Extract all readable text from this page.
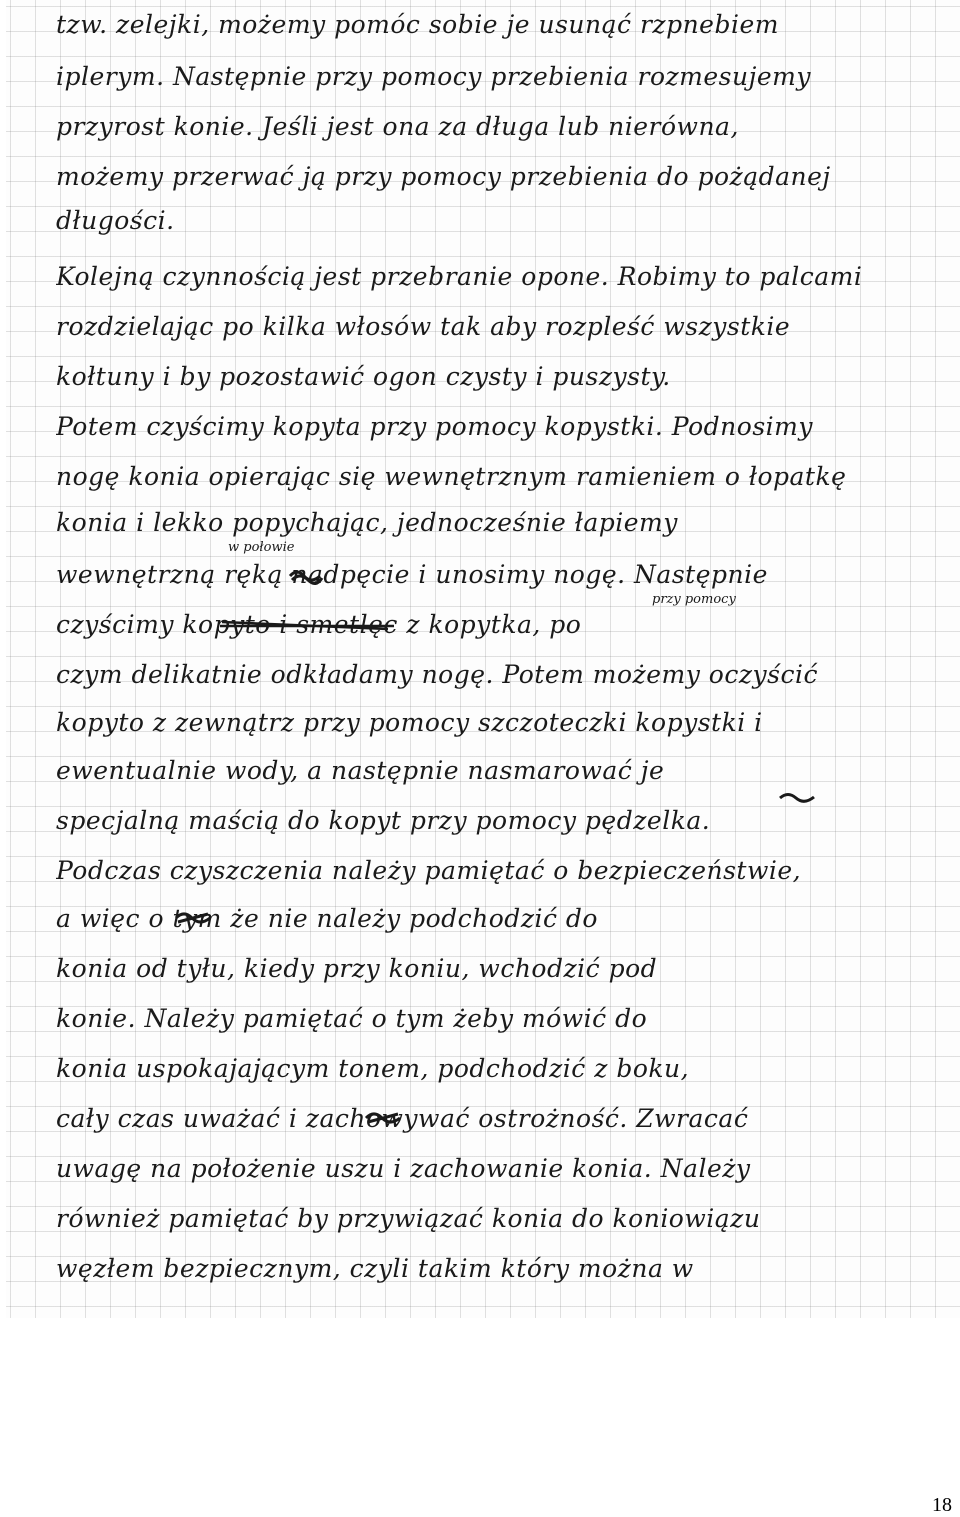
tzw. zelejki, możemy pomóc sobie je usunąć rzpnebiem
iplerym. Następnie przy pomocy przebienia rozmesujemy
przyrost konie. Jeśli jest ona za długa lub nierówna,
możemy przerwać ją przy pomocy przebienia do pożądanej
długości.
Kolejną czynnością jest przebranie opone. Robimy to palcami
rozdzielając po kilka włosów tak aby rozpleść wszystkie
kołtuny i by pozostawić ogon czysty i puszysty.
Potem czyścimy kopyta przy pomocy kopystki. Podnosimy
nogę konia opierając się wewnętrznym ramieniem o łopatkę
konia i lekko popychając, jednocześnie łapiemy
w połowie
wewnętrzną ręką nadpęcie i unosimy nogę. Następnie
przy pomocy
czyścimy kopyto i smetlęc z kopytka, po
czym delikatnie odkładamy nogę. Potem możemy oczyścić
kopyto z zewnątrz przy pomocy szczoteczki kopystki i
ewentualnie wody, a następnie nasmarować je
specjalną maścią do kopyt przy pomocy pędzelka.
Podczas czyszczenia należy pamiętać o bezpieczeństwie,
a więc o tym że nie należy podchodzić do
konia od tyłu, kiedy przy koniu, wchodzić pod
konie. Należy pamiętać o tym żeby mówić do
konia uspokajającym tonem, podchodzić z boku,
cały czas uważać i zachowywać ostrożność. Zwracać
uwagę na położenie uszu i zachowanie konia. Należy
również pamiętać by przywiązać konia do koniowiązu
węzłem bezpiecznym, czyli takim który można w
18
